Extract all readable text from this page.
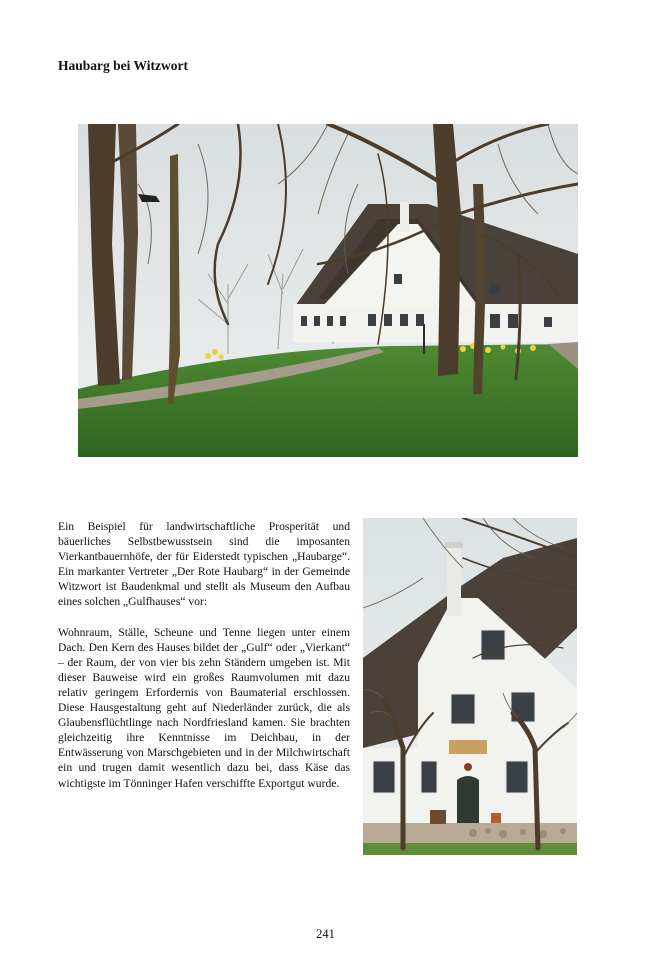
Haubarg bei Witzwort

Ein Beispiel für landwirtschaftliche Prosperität und bäuerliches Selbstbewusstsein sind die imposanten Vierkantbauernhöfe, der für Eiderstedt typischen „Haubarge“. Ein markanter Vertreter „Der Rote Haubarg“ in der Gemeinde Witzwort ist Baudenkmal und stellt als Museum den Aufbau eines solchen „Gulfhauses“ vor:

Wohnraum, Ställe, Scheune und Tenne liegen unter einem Dach. Den Kern des Hauses bildet der „Gulf“ oder „Vierkant“ – der Raum, der von vier bis zehn Ständern umgeben ist. Mit dieser Bauweise wird ein großes Raumvolumen mit dazu relativ geringem Erfordernis von Baumaterial erschlossen. Diese Hausgestaltung geht auf Niederländer zurück, die als Glaubensflüchtlinge nach Nordfriesland kamen. Sie brachten gleichzeitig ihre Kenntnisse im Deichbau, in der Entwässerung von Marschgebieten und in der Milchwirtschaft ein und trugen damit wesentlich dazu bei, dass Käse das wichtigste im Tönninger Hafen verschiffte Exportgut wurde.

241
